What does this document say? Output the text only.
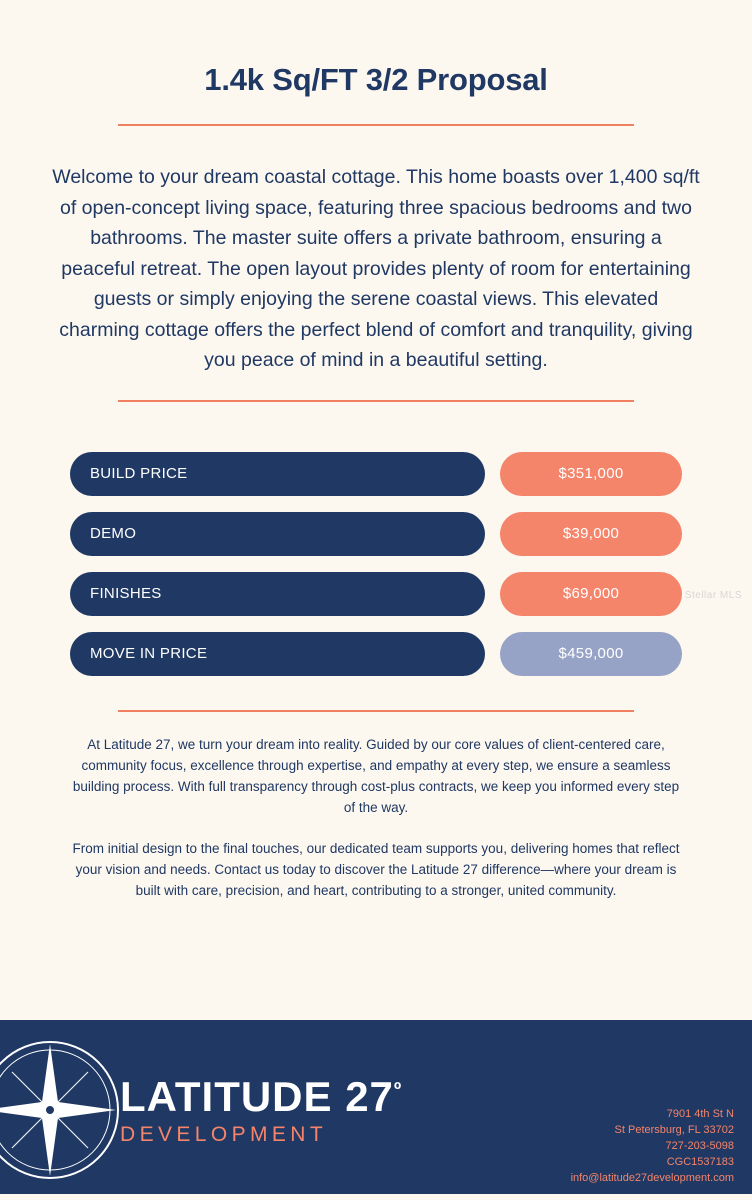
1.4k Sq/FT 3/2 Proposal

Welcome to your dream coastal cottage. This home boasts over 1,400 sq/ft of open-concept living space, featuring three spacious bedrooms and two bathrooms. The master suite offers a private bathroom, ensuring a peaceful retreat. The open layout provides plenty of room for entertaining guests or simply enjoying the serene coastal views. This elevated charming cottage offers the perfect blend of comfort and tranquility, giving you peace of mind in a beautiful setting.

BUILD PRICE	$351,000
DEMO	$39,000
FINISHES	$69,000
MOVE IN PRICE	$459,000

At Latitude 27, we turn your dream into reality. Guided by our core values of client-centered care, community focus, excellence through expertise, and empathy at every step, we ensure a seamless building process. With full transparency through cost-plus contracts, we keep you informed every step of the way.

From initial design to the final touches, our dedicated team supports you, delivering homes that reflect your vision and needs. Contact us today to discover the Latitude 27 difference—where your dream is built with care, precision, and heart, contributing to a stronger, united community.

Stellar MLS
LATITUDE $27^º$
DEVELOPMENT
7901 4th St N
St Petersburg, FL 33702
727-203-5098
CGC1537183
info@latitude27development.com
